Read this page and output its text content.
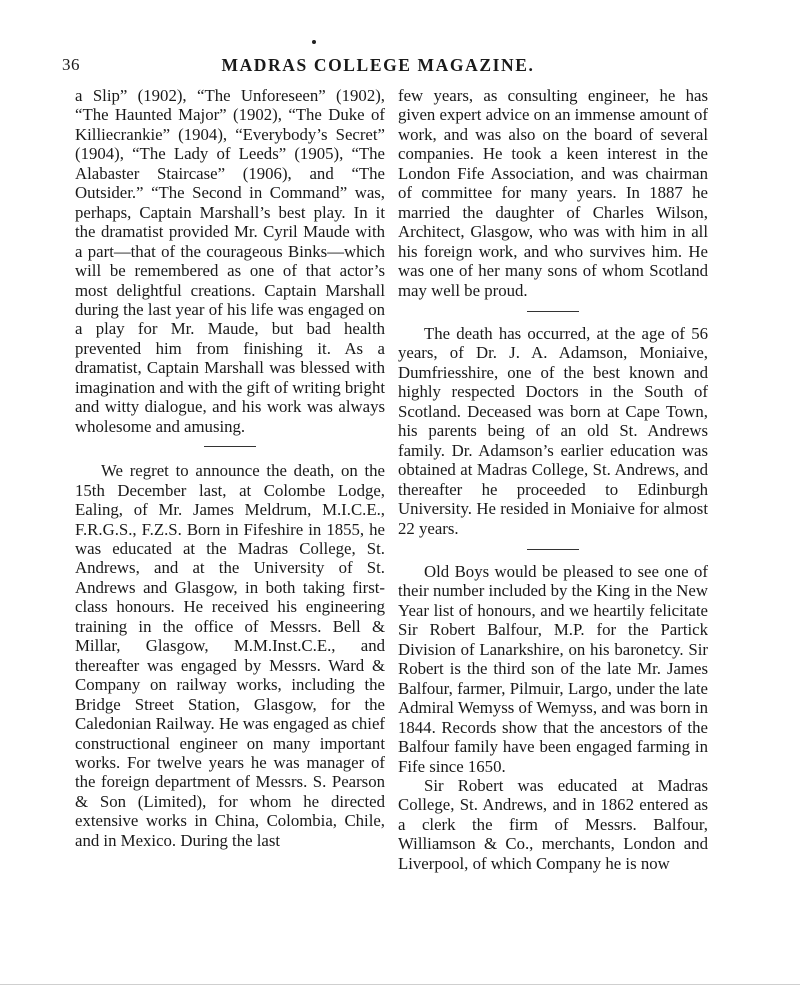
36	MADRAS COLLEGE MAGAZINE.

a Slip” (1902), “The Unforeseen” (1902), “The Haunted Major” (1902), “The Duke of Killiecrankie” (1904), “Everybody’s Secret” (1904), “The Lady of Leeds” (1905), “The Alabaster Staircase” (1906), and “The Outsider.” “The Second in Command” was, perhaps, Captain Marshall’s best play. In it the dramatist provided Mr. Cyril Maude with a part—that of the courageous Binks—which will be remembered as one of that actor’s most delightful creations. Captain Marshall during the last year of his life was engaged on a play for Mr. Maude, but bad health prevented him from finishing it. As a dramatist, Captain Marshall was blessed with imagination and with the gift of writing bright and witty dialogue, and his work was always wholesome and amusing.

We regret to announce the death, on the 15th December last, at Colombe Lodge, Ealing, of Mr. James Meldrum, M.I.C.E., F.R.G.S., F.Z.S. Born in Fifeshire in 1855, he was educated at the Madras College, St. Andrews, and at the University of St. Andrews and Glasgow, in both taking first-class honours. He received his engineering training in the office of Messrs. Bell & Millar, Glasgow, M.M.Inst.C.E., and thereafter was engaged by Messrs. Ward & Company on railway works, including the Bridge Street Station, Glasgow, for the Caledonian Railway. He was engaged as chief constructional engineer on many important works. For twelve years he was manager of the foreign department of Messrs. S. Pearson & Son (Limited), for whom he directed extensive works in China, Colombia, Chile, and in Mexico. During the last

few years, as consulting engineer, he has given expert advice on an immense amount of work, and was also on the board of several companies. He took a keen interest in the London Fife Association, and was chairman of committee for many years. In 1887 he married the daughter of Charles Wilson, Architect, Glasgow, who was with him in all his foreign work, and who survives him. He was one of her many sons of whom Scotland may well be proud.

The death has occurred, at the age of 56 years, of Dr. J. A. Adamson, Moniaive, Dumfriesshire, one of the best known and highly respected Doctors in the South of Scotland. Deceased was born at Cape Town, his parents being of an old St. Andrews family. Dr. Adamson’s earlier education was obtained at Madras College, St. Andrews, and thereafter he proceeded to Edinburgh University. He resided in Moniaive for almost 22 years.

Old Boys would be pleased to see one of their number included by the King in the New Year list of honours, and we heartily felicitate Sir Robert Balfour, M.P. for the Partick Division of Lanarkshire, on his baronetcy. Sir Robert is the third son of the late Mr. James Balfour, farmer, Pilmuir, Largo, under the late Admiral Wemyss of Wemyss, and was born in 1844. Records show that the ancestors of the Balfour family have been engaged farming in Fife since 1650.

Sir Robert was educated at Madras College, St. Andrews, and in 1862 entered as a clerk the firm of Messrs. Balfour, Williamson & Co., merchants, London and Liverpool, of which Company he is now
